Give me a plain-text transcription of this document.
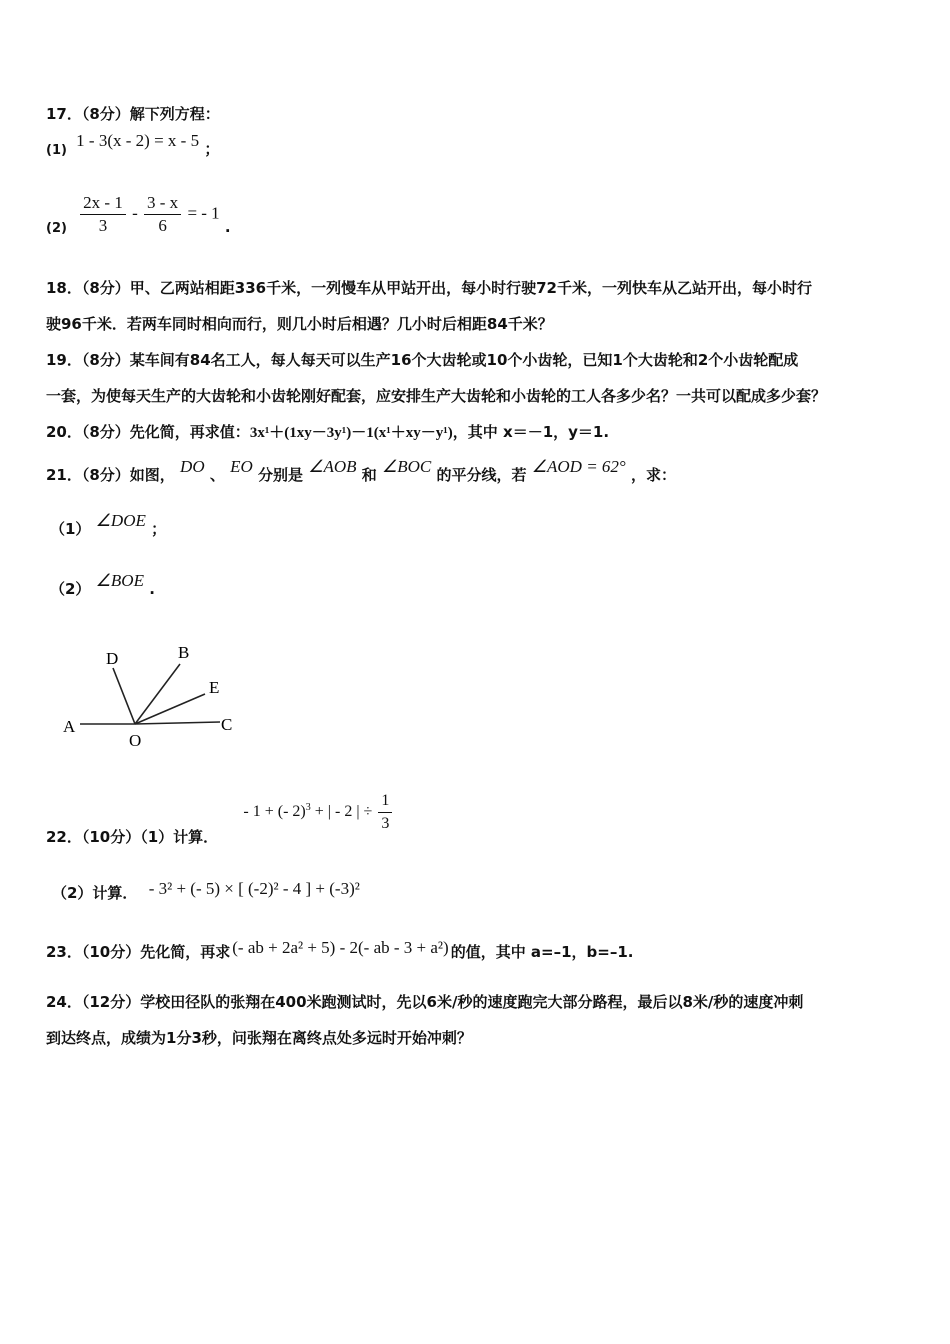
17．（8分）解下列方程：
(1) 1 - 3(x - 2) = x - 5 ；
$(2) \frac{2x - 1}{3} - \frac{3 - x}{6}$ = - 1 .
18．（8分）甲、乙两站相距336千米，一列慢车从甲站开出，每小时行驶72千米，一列快车从乙站开出，每小时行
驶96千米．若两车同时相向而行，则几小时后相遇？几小时后相距84千米？
19．（8分）某车间有84名工人，每人每天可以生产16个大齿轮或10个小齿轮，已知1个大齿轮和2个小齿轮配成
一套，为使每天生产的大齿轮和小齿轮刚好配套，应安排生产大齿轮和小齿轮的工人各多少名？一共可以配成多少套？
20．（8分）先化简，再求值：3x¹＋(1xy－3y¹)－1(x¹＋xy－y¹)，其中 x＝－1，y＝1.
21．（8分）如图， DO 、 EO 分别是 ∠AOB 和 ∠BOC 的平分线，若 ∠AOD = 62° ，求：
（1） ∠DOE ；
（2） ∠BOE .
A
O
C
D	B
E
22．（10分）（1）计算． - 1 + (- 2)$^3$ + | - 2 | ÷ $\frac{1}{3}$
（2）计算． - 3² + (- 5) × [ (-2)² - 4 ] + (-3)²
23．（10分）先化简，再求 (- ab + 2a² + 5) - 2(- ab - 3 + a²) 的值，其中 a=–1，b=–1.
24．（12分）学校田径队的张翔在400米跑测试时，先以6米/秒的速度跑完大部分路程，最后以8米/秒的速度冲刺
到达终点，成绩为1分3秒，问张翔在离终点处多远时开始冲刺？
